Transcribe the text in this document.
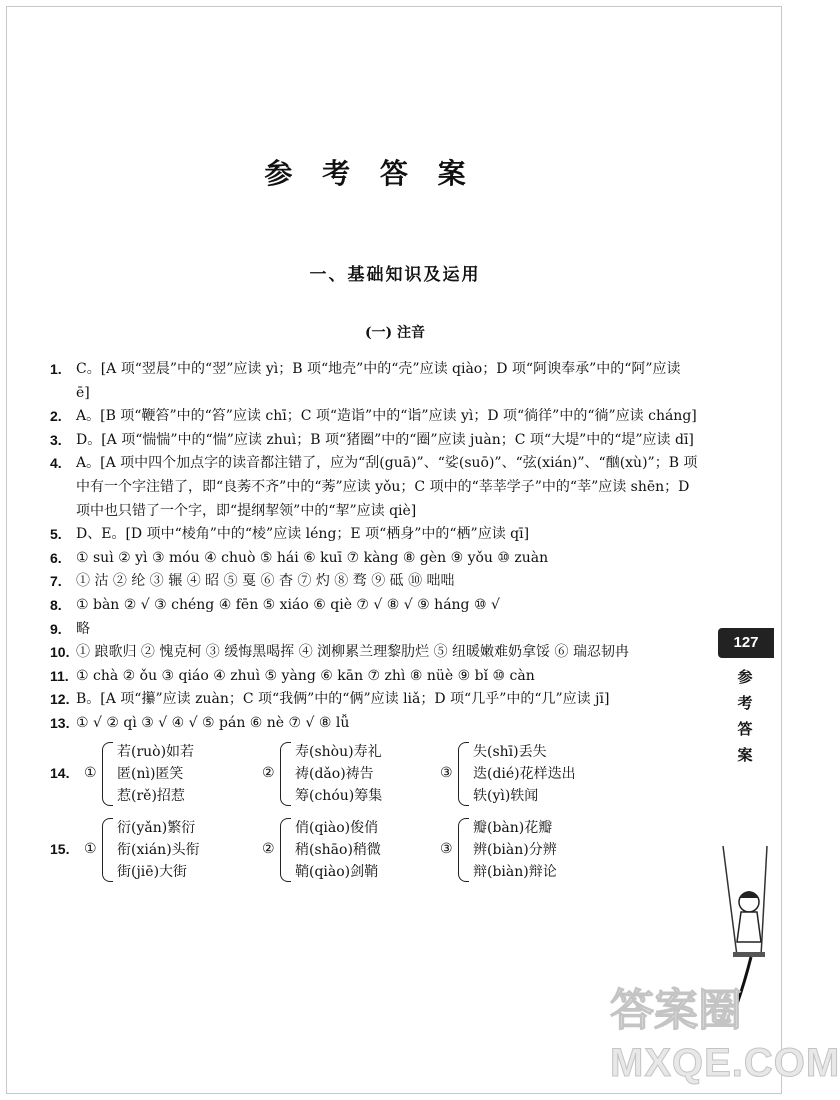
参 考 答 案
一、基础知识及运用
(一) 注音
1.	C。[A 项“翌晨”中的“翌”应读 yì；B 项“地壳”中的“壳”应读 qiào；D 项“阿谀奉承”中的“阿”应读 ē]
2.	A。[B 项“鞭笞”中的“笞”应读 chī；C 项“造诣”中的“诣”应读 yì；D 项“徜徉”中的“徜”应读 cháng]
3.	D。[A 项“惴惴”中的“惴”应读 zhuì；B 项“猪圈”中的“圈”应读 juàn；C 项“大堤”中的“堤”应读 dī]
4.	A。[A 项中四个加点字的读音都注错了，应为“刮(guā)”、“娑(suō)”、“弦(xián)”、“酗(xù)”；B 项中有一个字注错了，即“良莠不齐”中的“莠”应读 yǒu；C 项中的“莘莘学子”中的“莘”应读 shēn；D 项中也只错了一个字，即“提纲挈领”中的“挈”应读 qiè]
5.	D、E。[D 项中“棱角”中的“棱”应读 léng；E 项“栖身”中的“栖”应读 qī]
6.	① suì ② yì ③ móu ④ chuò ⑤ hái ⑥ kuī ⑦ kàng ⑧ gèn ⑨ yǒu ⑩ zuàn
7.	① 沽 ② 纶 ③ 辗 ④ 昭 ⑤ 戛 ⑥ 杳 ⑦ 灼 ⑧ 骛 ⑨ 砥 ⑩ 咄咄
8.	① bàn ② √ ③ chéng ④ fēn ⑤ xiáo ⑥ qiè ⑦ √ ⑧ √ ⑨ háng ⑩ √
9.	略
10. ① 踉歌归 ② 愧克柯 ③ 缓悔黑喝挥 ④ 浏柳累兰理黎肋烂 ⑤ 纽暖嫩难奶拿馁 ⑥ 瑞忍韧冉
11. ① chà ② ǒu ③ qiáo ④ zhuì ⑤ yàng ⑥ kān ⑦ zhì ⑧ nüè ⑨ bǐ ⑩ càn
12. B。[A 项“攥”应读 zuàn；C 项“我俩”中的“俩”应读 liǎ；D 项“几乎”中的“几”应读 jī]
13. ① √ ② qì ③ √ ④ √ ⑤ pán ⑥ nè ⑦ √ ⑧ lǚ
14.	①
若(ruò)如若
匿(nì)匿笑
惹(rě)招惹
②
寿(shòu)寿礼
祷(dǎo)祷告
筹(chóu)筹集
③
失(shī)丢失
迭(dié)花样迭出
轶(yì)轶闻
15.	①
衍(yǎn)繁衍
衔(xián)头衔
街(jiē)大街
②
俏(qiào)俊俏
稍(shāo)稍微
鞘(qiào)剑鞘
③
瓣(bàn)花瓣
辨(biàn)分辨
辩(biàn)辩论
127
参 考 答 案
答案圈
MXQE.COM
